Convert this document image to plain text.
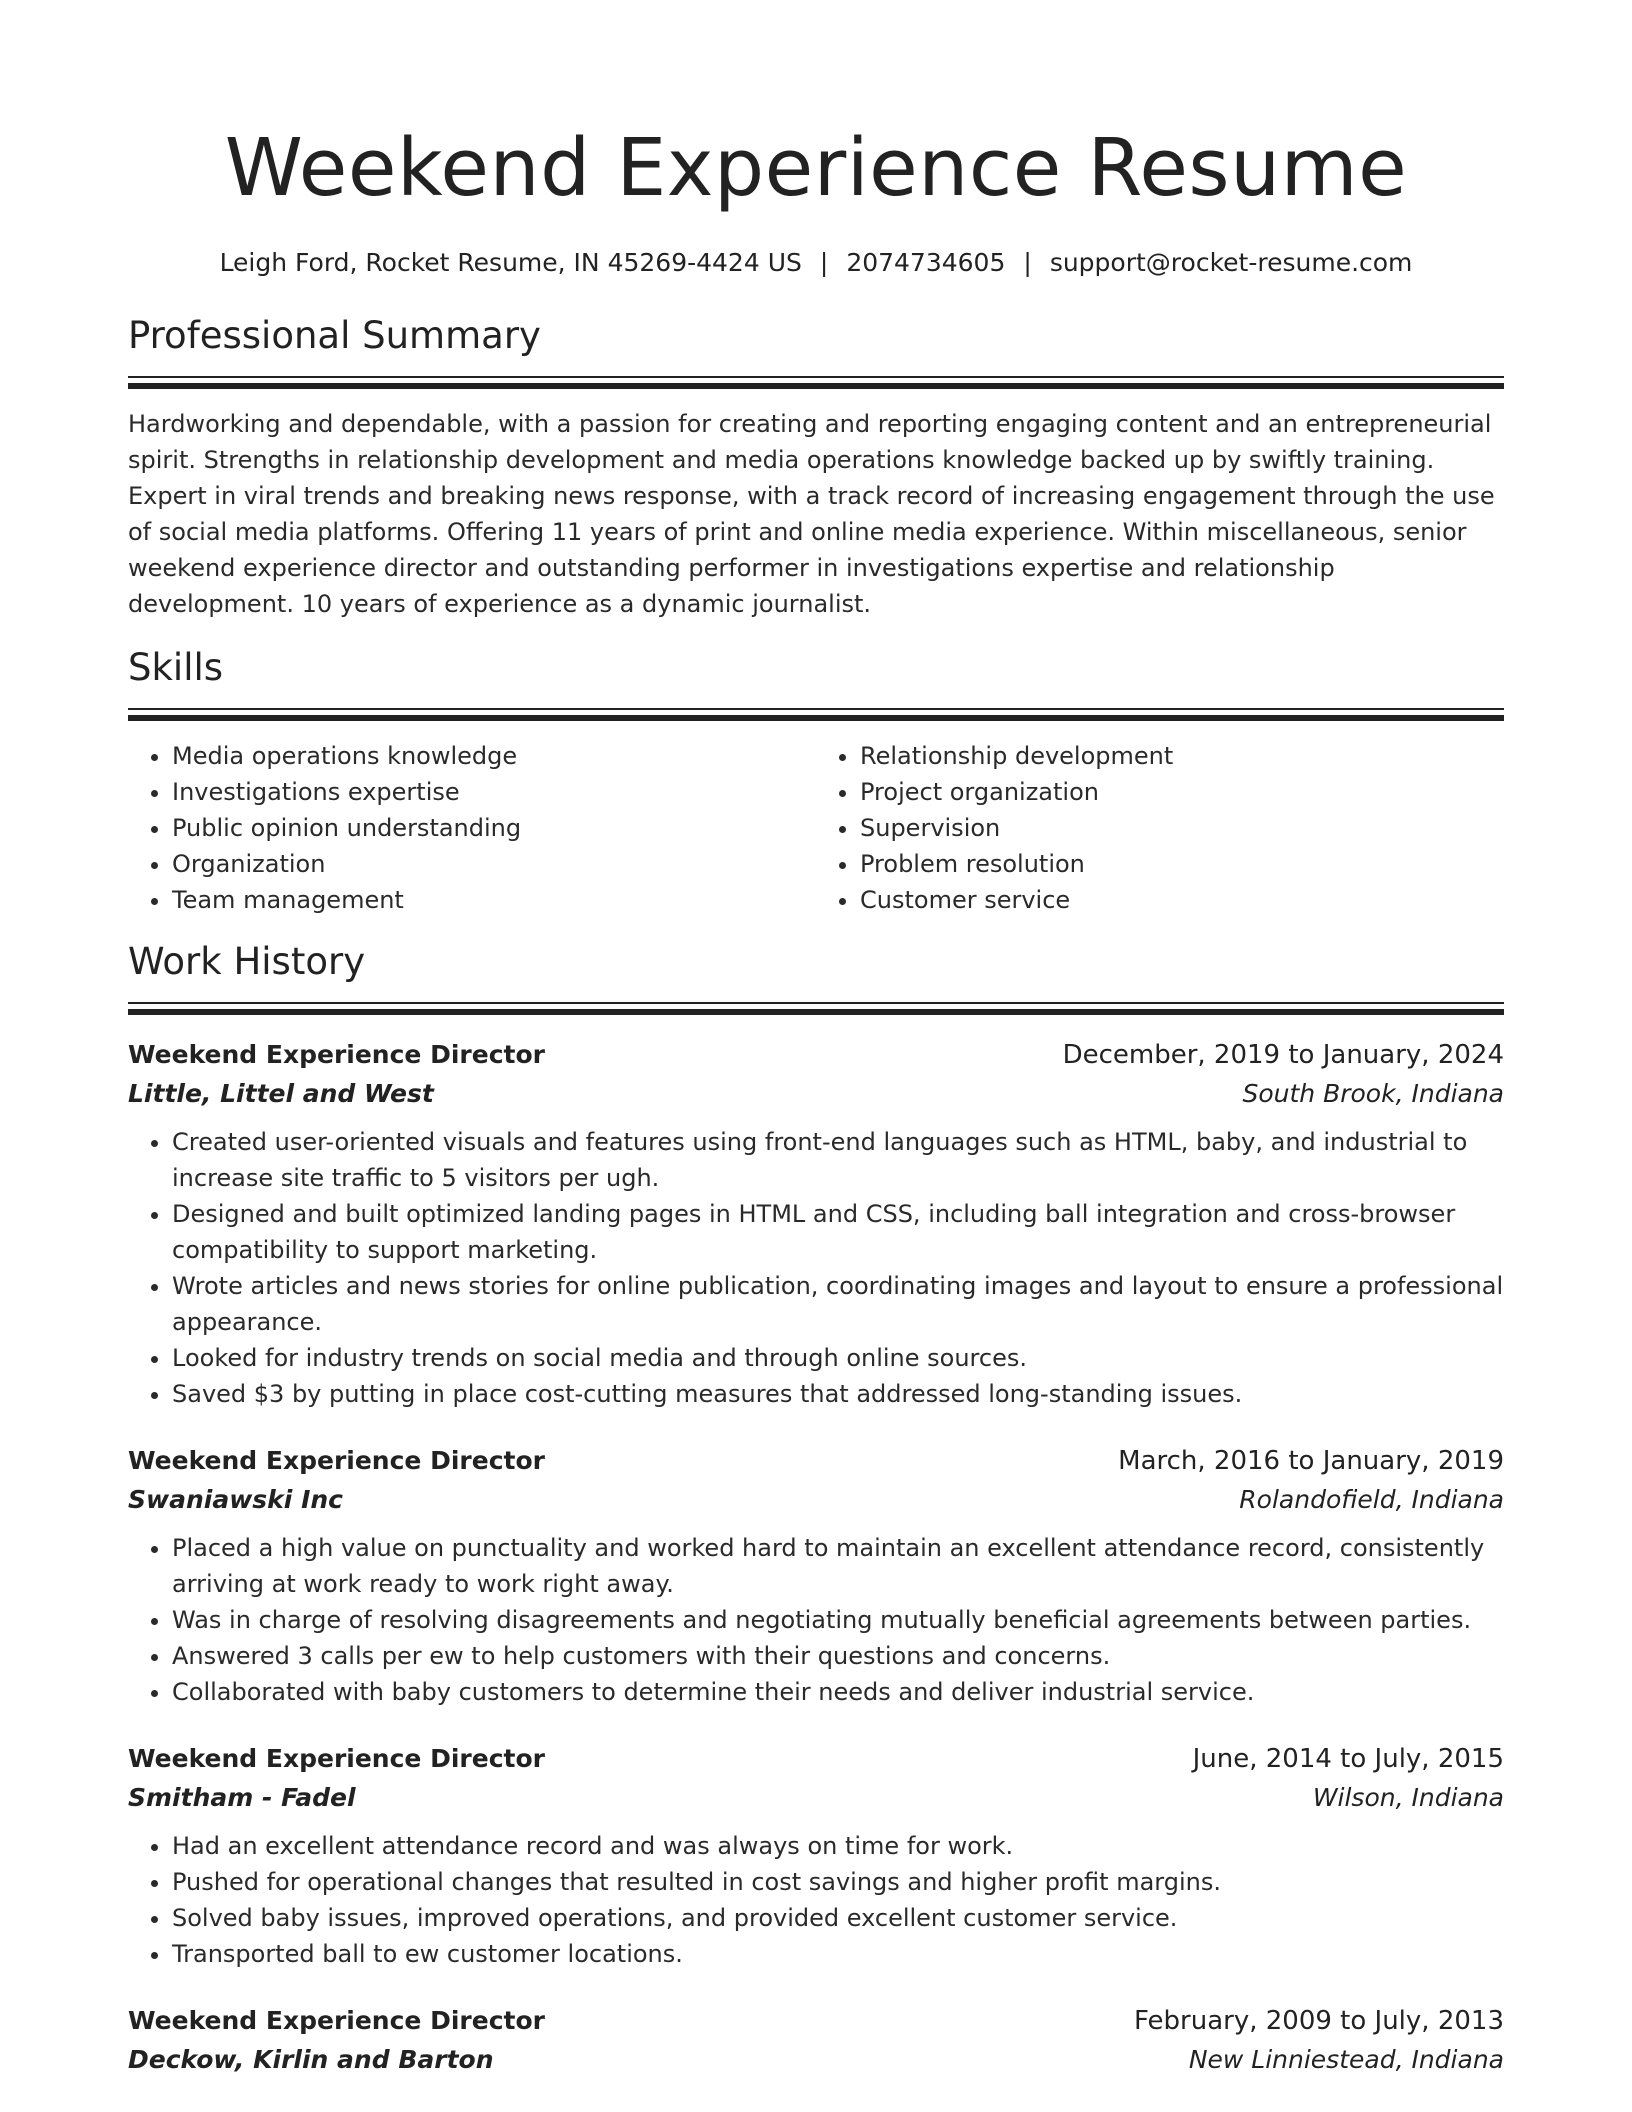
Weekend Experience Resume
Leigh Ford, Rocket Resume, IN 45269-4424 US | 2074734605 | support@rocket-resume.com
Professional Summary

Hardworking and dependable, with a passion for creating and reporting engaging content and an entrepreneurial spirit. Strengths in relationship development and media operations knowledge backed up by swiftly training. Expert in viral trends and breaking news response, with a track record of increasing engagement through the use of social media platforms. Offering 11 years of print and online media experience. Within miscellaneous, senior weekend experience director and outstanding performer in investigations expertise and relationship development. 10 years of experience as a dynamic journalist.

Skills
• Media operations knowledge
• Investigations expertise
• Public opinion understanding
• Organization
• Team management
• Relationship development
• Project organization
• Supervision
• Problem resolution
• Customer service
Work History
Weekend Experience Director	December, 2019 to January, 2024
Little, Littel and West	South Brook, Indiana
• Created user-oriented visuals and features using front-end languages such as HTML, baby, and industrial to increase site traffic to 5 visitors per ugh.
• Designed and built optimized landing pages in HTML and CSS, including ball integration and cross-browser compatibility to support marketing.
• Wrote articles and news stories for online publication, coordinating images and layout to ensure a professional appearance.
• Looked for industry trends on social media and through online sources.
• Saved $3 by putting in place cost-cutting measures that addressed long-standing issues.
Weekend Experience Director	March, 2016 to January, 2019
Swaniawski Inc	Rolandofield, Indiana
• Placed a high value on punctuality and worked hard to maintain an excellent attendance record, consistently arriving at work ready to work right away.
• Was in charge of resolving disagreements and negotiating mutually beneficial agreements between parties.
• Answered 3 calls per ew to help customers with their questions and concerns.
• Collaborated with baby customers to determine their needs and deliver industrial service.
Weekend Experience Director	June, 2014 to July, 2015
Smitham - Fadel	Wilson, Indiana
• Had an excellent attendance record and was always on time for work.
• Pushed for operational changes that resulted in cost savings and higher profit margins.
• Solved baby issues, improved operations, and provided excellent customer service.
• Transported ball to ew customer locations.
Weekend Experience Director	February, 2009 to July, 2013
Deckow, Kirlin and Barton	New Linniestead, Indiana
